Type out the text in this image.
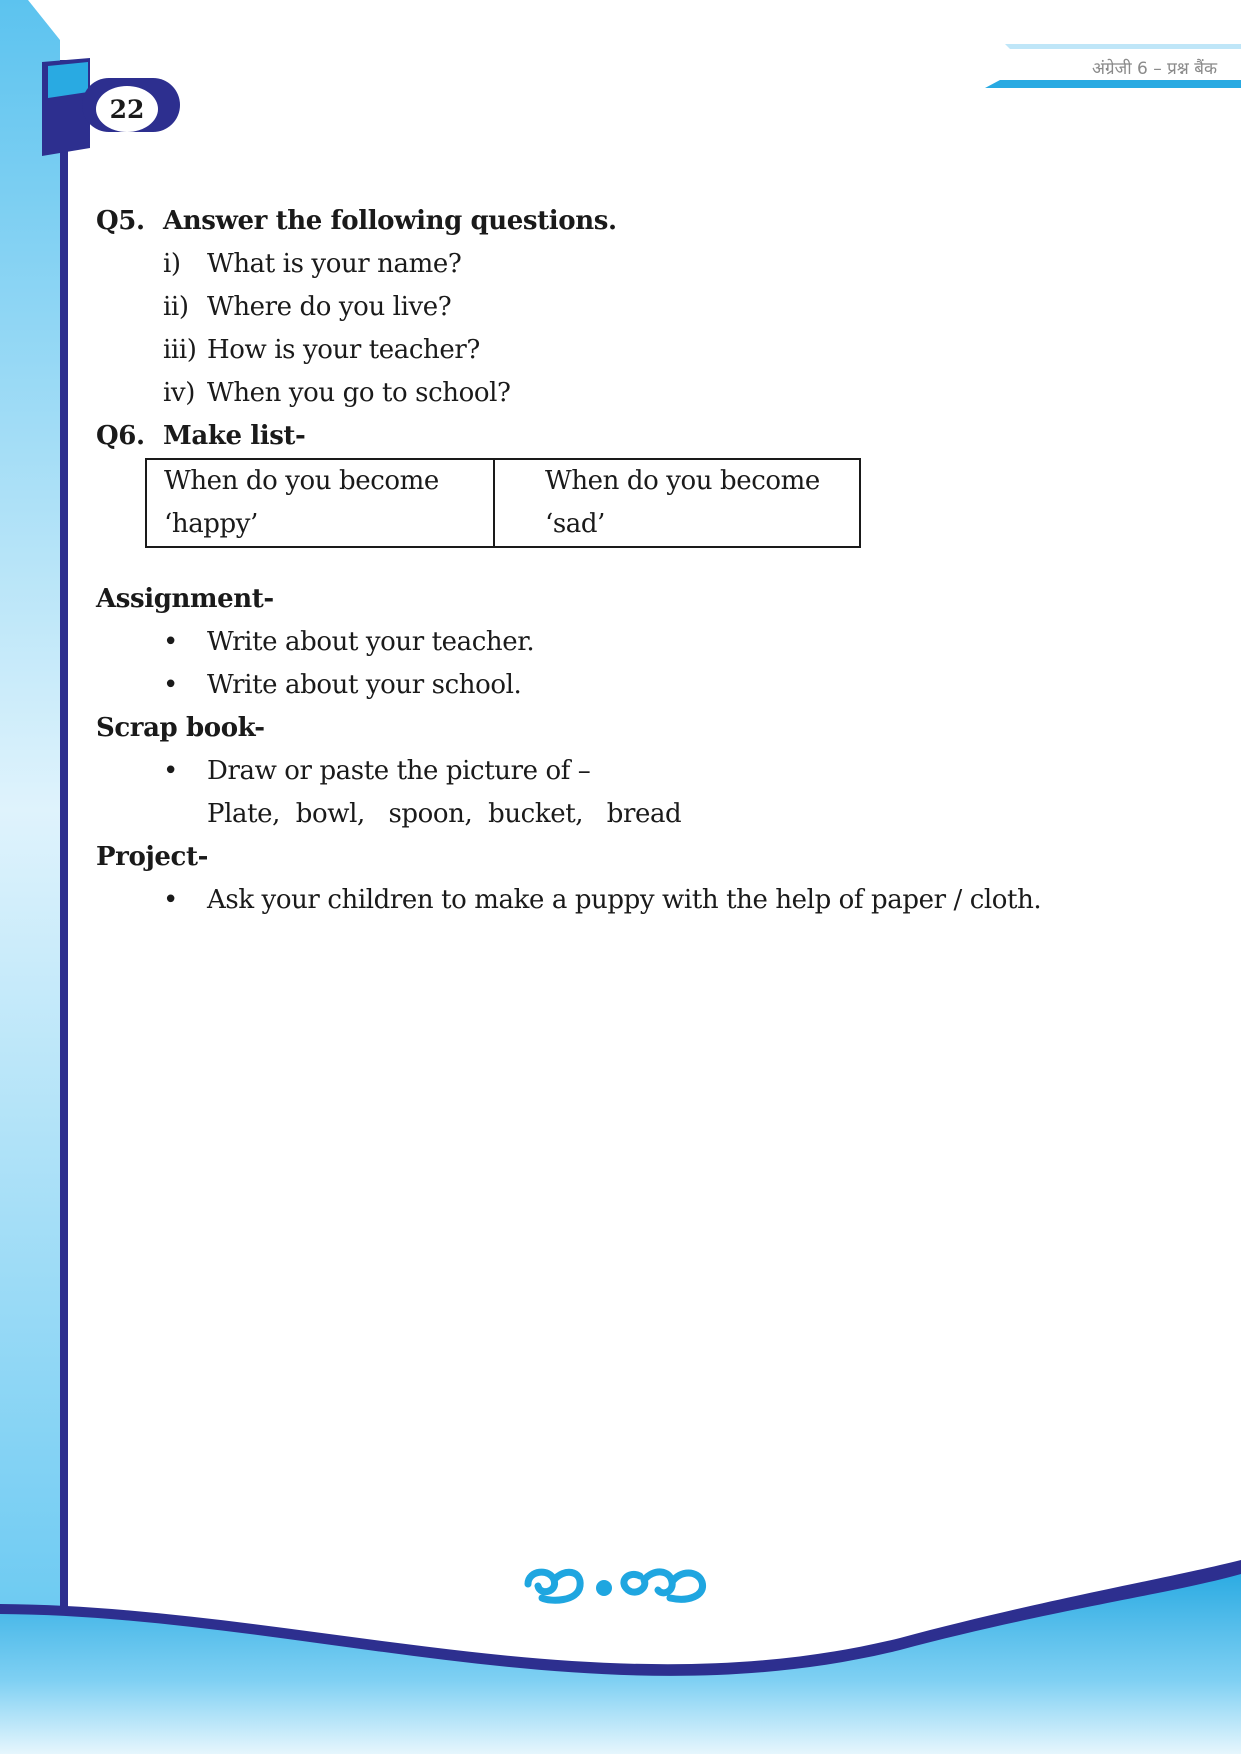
अंग्रेजी 6 – प्रश्न बैंक
22
Q5. Answer the following questions.
i) What is your name?
ii) Where do you live?
iii) How is your teacher?
iv) When you go to school?
Q6. Make list-
When do you become
‘happy’

When do you become
‘sad’
Assignment-
• Write about your teacher.
• Write about your school.
Scrap book-
• Draw or paste the picture of –
Plate,  bowl,   spoon,  bucket,   bread
Project-
• Ask your children to make a puppy with the help of paper / cloth.
